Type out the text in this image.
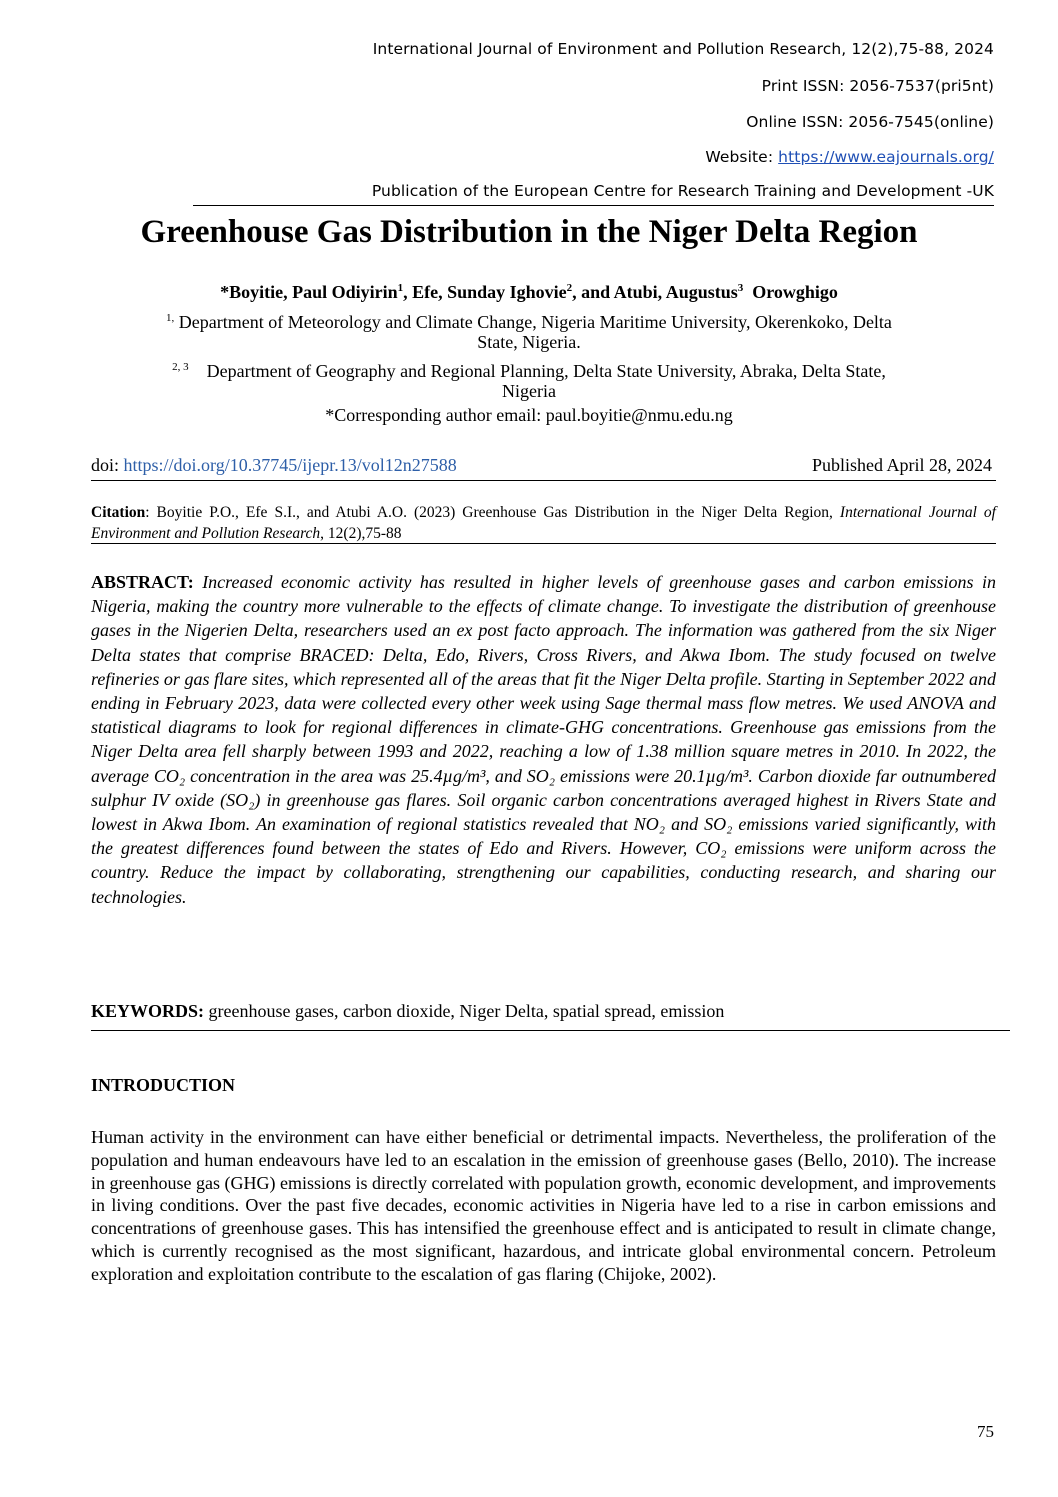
International Journal of Environment and Pollution Research, 12(2),75-88, 2024
Print ISSN: 2056-7537(pri5nt)
Online ISSN: 2056-7545(online)
Website: https://www.eajournals.org/
Publication of the European Centre for Research Training and Development -UK
Greenhouse Gas Distribution in the Niger Delta Region
*Boyitie, Paul Odiyirin$^1$, Efe, Sunday Ighovie$^2$, and Atubi, Augustus$^3$ Orowghigo
$^{1,}$ Department of Meteorology and Climate Change, Nigeria Maritime University, Okerenkoko, Delta
State, Nigeria.
$^{2, 3}$ Department of Geography and Regional Planning, Delta State University, Abraka, Delta State,
Nigeria
*Corresponding author email: paul.boyitie@nmu.edu.ng
doi: https://doi.org/10.37745/ijepr.13/vol12n27588	Published April 28, 2024
Citation: Boyitie P.O., Efe S.I., and Atubi A.O. (2023) Greenhouse Gas Distribution in the Niger Delta Region, International Journal of Environment and Pollution Research, 12(2),75-88
ABSTRACT: Increased economic activity has resulted in higher levels of greenhouse gases and carbon emissions in Nigeria, making the country more vulnerable to the effects of climate change. To investigate the distribution of greenhouse gases in the Nigerien Delta, researchers used an ex post facto approach. The information was gathered from the six Niger Delta states that comprise BRACED: Delta, Edo, Rivers, Cross Rivers, and Akwa Ibom. The study focused on twelve refineries or gas flare sites, which represented all of the areas that fit the Niger Delta profile. Starting in September 2022 and ending in February 2023, data were collected every other week using Sage thermal mass flow metres. We used ANOVA and statistical diagrams to look for regional differences in climate-GHG concentrations. Greenhouse gas emissions from the Niger Delta area fell sharply between 1993 and 2022, reaching a low of 1.38 million square metres in 2010. In 2022, the average CO₂ concentration in the area was 25.4µg/m³, and SO₂ emissions were 20.1µg/m³. Carbon dioxide far outnumbered sulphur IV oxide (SO₂) in greenhouse gas flares. Soil organic carbon concentrations averaged highest in Rivers State and lowest in Akwa Ibom. An examination of regional statistics revealed that NO₂ and SO₂ emissions varied significantly, with the greatest differences found between the states of Edo and Rivers. However, CO₂ emissions were uniform across the country. Reduce the impact by collaborating, strengthening our capabilities, conducting research, and sharing our technologies.
KEYWORDS: greenhouse gases, carbon dioxide, Niger Delta, spatial spread, emission
INTRODUCTION
Human activity in the environment can have either beneficial or detrimental impacts. Nevertheless, the proliferation of the population and human endeavours have led to an escalation in the emission of greenhouse gases (Bello, 2010). The increase in greenhouse gas (GHG) emissions is directly correlated with population growth, economic development, and improvements in living conditions. Over the past five decades, economic activities in Nigeria have led to a rise in carbon emissions and concentrations of greenhouse gases. This has intensified the greenhouse effect and is anticipated to result in climate change, which is currently recognised as the most significant, hazardous, and intricate global environmental concern. Petroleum exploration and exploitation contribute to the escalation of gas flaring (Chijoke, 2002).
75
